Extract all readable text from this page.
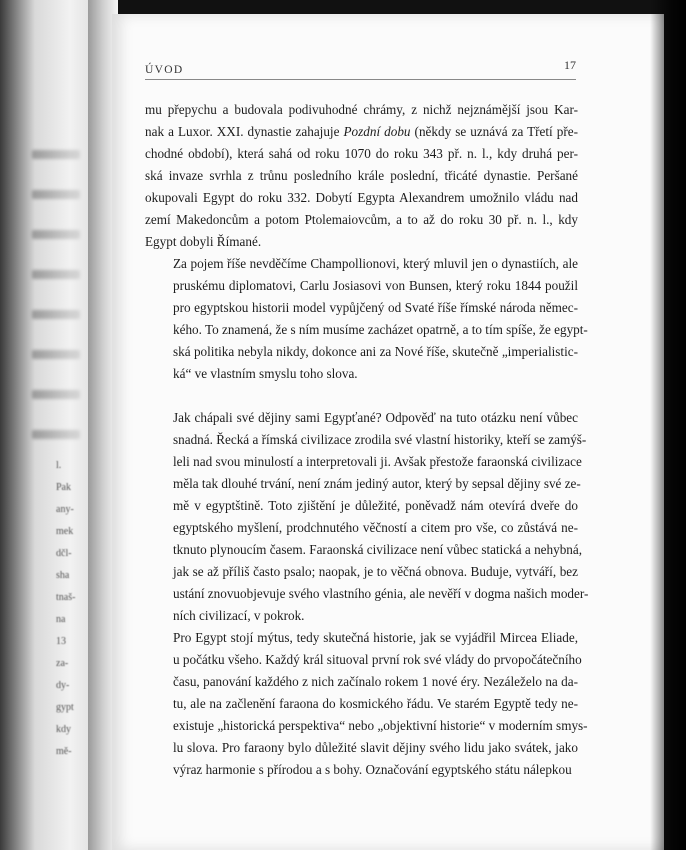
l.
Pak
any-
mek
dčl-
sha
tnaš-
na
13
za-
dy-
gypt
kdy
mě-
ÚVOD	17

mu přepychu a budovala podivuhodné chrámy, z nichž nejznámější jsou Kar-
nak a Luxor. XXI. dynastie zahajuje Pozdní dobu (někdy se uznává za Třetí pře-
chodné období), která sahá od roku 1070 do roku 343 př. n. l., kdy druhá per-
ská invaze svrhla z trůnu posledního krále poslední, třicáté dynastie. Peršané
okupovali Egypt do roku 332. Dobytí Egypta Alexandrem umožnilo vládu nad
zemí Makedoncům a potom Ptolemaiovcům, a to až do roku 30 př. n. l., kdy
Egypt dobyli Římané.

Za pojem říše nevděčíme Champollionovi, který mluvil jen o dynastiích, ale
pruskému diplomatovi, Carlu Josiasovi von Bunsen, který roku 1844 použil
pro egyptskou historii model vypůjčený od Svaté říše římské národa němec-
kého. To znamená, že s ním musíme zacházet opatrně, a to tím spíše, že egypt-
ská politika nebyla nikdy, dokonce ani za Nové říše, skutečně „imperialistic-
ká“ ve vlastním smyslu toho slova.

Jak chápali své dějiny sami Egypťané? Odpověď na tuto otázku není vůbec
snadná. Řecká a římská civilizace zrodila své vlastní historiky, kteří se zamýš-
leli nad svou minulostí a interpretovali ji. Avšak přestože faraonská civilizace
měla tak dlouhé trvání, není znám jediný autor, který by sepsal dějiny své ze-
mě v egyptštině. Toto zjištění je důležité, poněvadž nám otevírá dveře do
egyptského myšlení, prodchnutého věčností a citem pro vše, co zůstává ne-
tknuto plynoucím časem. Faraonská civilizace není vůbec statická a nehybná,
jak se až příliš často psalo; naopak, je to věčná obnova. Buduje, vytváří, bez
ustání znovuobjevuje svého vlastního génia, ale nevěří v dogma našich moder-
ních civilizací, v pokrok.

Pro Egypt stojí mýtus, tedy skutečná historie, jak se vyjádřil Mircea Eliade,
u počátku všeho. Každý král situoval první rok své vlády do prvopočátečního
času, panování každého z nich začínalo rokem 1 nové éry. Nezáleželo na da-
tu, ale na začlenění faraona do kosmického řádu. Ve starém Egyptě tedy ne-
existuje „historická perspektiva“ nebo „objektivní historie“ v moderním smys-
lu slova. Pro faraony bylo důležité slavit dějiny svého lidu jako svátek, jako
výraz harmonie s přírodou a s bohy. Označování egyptského státu nálepkou
